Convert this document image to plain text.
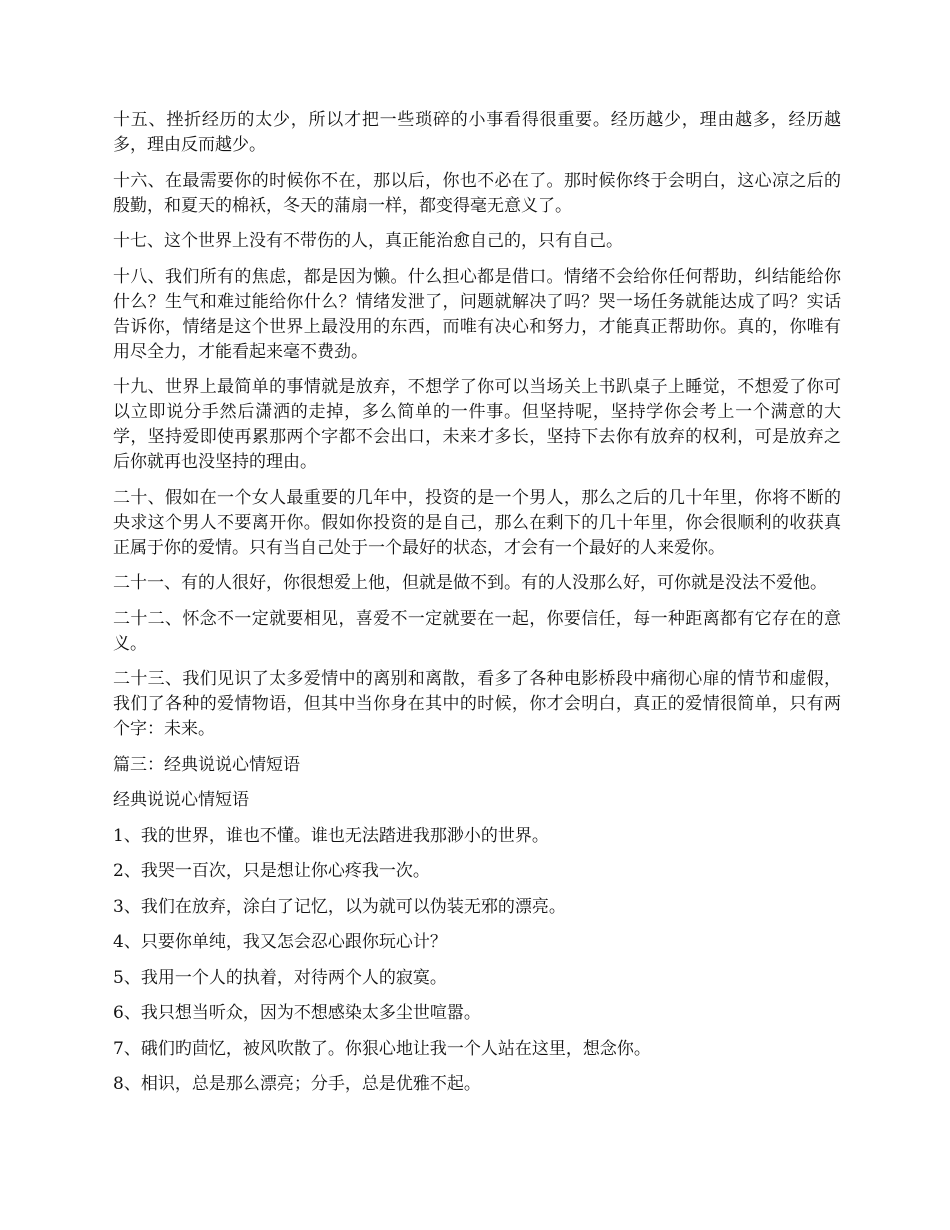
十五、挫折经历的太少，所以才把一些琐碎的小事看得很重要。经历越少，理由越多，经历越多，理由反而越少。

十六、在最需要你的时候你不在，那以后，你也不必在了。那时候你终于会明白，这心凉之后的殷勤，和夏天的棉袄，冬天的蒲扇一样，都变得毫无意义了。

十七、这个世界上没有不带伤的人，真正能治愈自己的，只有自己。

十八、我们所有的焦虑，都是因为懒。什么担心都是借口。情绪不会给你任何帮助，纠结能给你什么？生气和难过能给你什么？情绪发泄了，问题就解决了吗？哭一场任务就能达成了吗？实话告诉你，情绪是这个世界上最没用的东西，而唯有决心和努力，才能真正帮助你。真的，你唯有用尽全力，才能看起来毫不费劲。

十九、世界上最简单的事情就是放弃，不想学了你可以当场关上书趴桌子上睡觉，不想爱了你可以立即说分手然后潇洒的走掉，多么简单的一件事。但坚持呢，坚持学你会考上一个满意的大学，坚持爱即使再累那两个字都不会出口，未来才多长，坚持下去你有放弃的权利，可是放弃之后你就再也没坚持的理由。

二十、假如在一个女人最重要的几年中，投资的是一个男人，那么之后的几十年里，你将不断的央求这个男人不要离开你。假如你投资的是自己，那么在剩下的几十年里，你会很顺利的收获真正属于你的爱情。只有当自己处于一个最好的状态，才会有一个最好的人来爱你。

二十一、有的人很好，你很想爱上他，但就是做不到。有的人没那么好，可你就是没法不爱他。

二十二、怀念不一定就要相见，喜爱不一定就要在一起，你要信任，每一种距离都有它存在的意义。

二十三、我们见识了太多爱情中的离别和离散，看多了各种电影桥段中痛彻心扉的情节和虚假，我们了各种的爱情物语，但其中当你身在其中的时候，你才会明白，真正的爱情很简单，只有两个字：未来。

篇三：经典说说心情短语

经典说说心情短语

1、我的世界，谁也不懂。谁也无法踏进我那渺小的世界。

2、我哭一百次，只是想让你心疼我一次。

3、我们在放弃，涂白了记忆，以为就可以伪装无邪的漂亮。

4、只要你单纯，我又怎会忍心跟你玩心计？

5、我用一个人的执着，对待两个人的寂寞。

6、我只想当听众，因为不想感染太多尘世喧嚣。

7、硪们旳茴忆，被风吹散了。你狠心地让我一个人站在这里，想念你。

8、相识，总是那么漂亮；分手，总是优雅不起。
